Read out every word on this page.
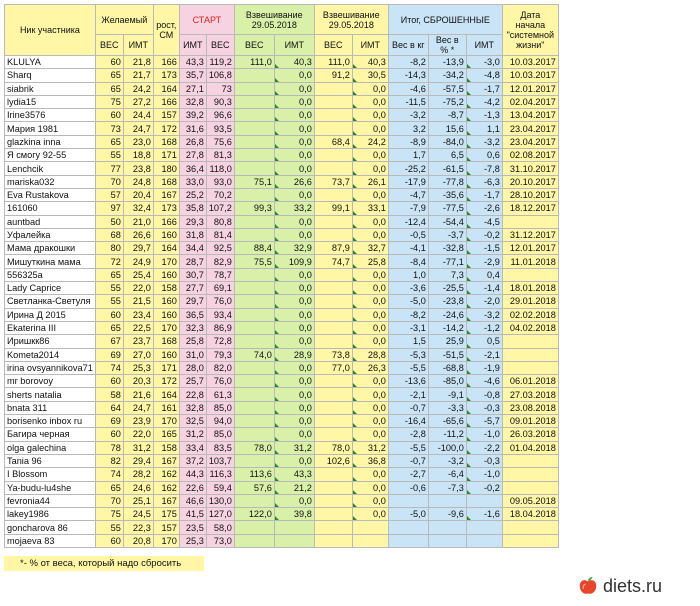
Ник участника	Желаемый		рост, СМ	СТАРТ		Взвешивание 29.05.2018		Взвешивание 29.05.2018		Итог, СБРОШЕННЫЕ			Дата начала "системной жизни"
	ВЕС	ИМТ		ИМТ	ВЕС	ВЕС	ИМТ	ВЕС	ИМТ	Вес в кг	Вес в % *	ИМТ	
KLULYA	60	21,8	166	43,3	119,2	111,0	40,3	111,0	40,3	-8,2	-13,9	-3,0	10.03.2017
Sharq	65	21,7	173	35,7	106,8		0,0	91,2	30,5	-14,3	-34,2	-4,8	10.03.2017
siabrik	65	24,2	164	27,1	73		0,0		0,0	-4,6	-57,5	-1,7	12.01.2017
lydia15	75	27,2	166	32,8	90,3		0,0		0,0	-11,5	-75,2	-4,2	02.04.2017
Irine3576	60	24,4	157	39,2	96,6		0,0		0,0	-3,2	-8,7	-1,3	13.04.2017
Мария 1981	73	24,7	172	31,6	93,5		0,0		0,0	3,2	15,6	1,1	23.04.2017
glazkina inna	65	23,0	168	26,8	75,6		0,0	68,4	24,2	-8,9	-84,0	-3,2	23.04.2017
Я смогу 92-55	55	18,8	171	27,8	81,3		0,0		0,0	1,7	6,5	0,6	02.08.2017
Lenchcik	77	23,8	180	36,4	118,0		0,0		0,0	-25,2	-61,5	-7,8	31.10.2017
mariska032	70	24,8	168	33,0	93,0	75,1	26,6	73,7	26,1	-17,9	-77,8	-6,3	20.10.2017
Eva Rustakova	57	20,4	167	25,2	70,2		0,0		0,0	-4,7	-35,6	-1,7	28.10.2017
161060	97	32,4	173	35,8	107,2	99,3	33,2	99,1	33,1	-7,9	-77,5	-2,6	18.12.2017
auntbad	50	21,0	166	29,3	80,8		0,0		0,0	-12,4	-54,4	-4,5	
Уфалейка	68	26,6	160	31,8	81,4		0,0		0,0	-0,5	-3,7	-0,2	31.12.2017
Мама дракошки	80	29,7	164	34,4	92,5	88,4	32,9	87,9	32,7	-4,1	-32,8	-1,5	12.01.2017
Мишуткина мама	72	24,9	170	28,7	82,9	75,5	109,9	74,7	25,8	-8,4	-77,1	-2,9	11.01.2018
556325a	65	25,4	160	30,7	78,7		0,0		0,0	1,0	7,3	0,4	
Lady Caprice	55	22,0	158	27,7	69,1		0,0		0,0	-3,6	-25,5	-1,4	18.01.2018
Светланка-Светуля	55	21,5	160	29,7	76,0		0,0		0,0	-5,0	-23,8	-2,0	29.01.2018
Ирина Д 2015	60	23,4	160	36,5	93,4		0,0		0,0	-8,2	-24,6	-3,2	02.02.2018
Ekaterina III	65	22,5	170	32,3	86,9		0,0		0,0	-3,1	-14,2	-1,2	04.02.2018
Иришкк86	67	23,7	168	25,8	72,8		0,0		0,0	1,5	25,9	0,5	
Kometa2014	69	27,0	160	31,0	79,3	74,0	28,9	73,8	28,8	-5,3	-51,5	-2,1	
irina ovsyannikova71	74	25,3	171	28,0	82,0		0,0	77,0	26,3	-5,5	-68,8	-1,9	
mr borovoy	60	20,3	172	25,7	76,0		0,0		0,0	-13,6	-85,0	-4,6	06.01.2018
sherts natalia	58	21,6	164	22,8	61,3		0,0		0,0	-2,1	-9,1	-0,8	27.03.2018
bnata 311	64	24,7	161	32,8	85,0		0,0		0,0	-0,7	-3,3	-0,3	23.08.2018
borisenko inbox ru	69	23,9	170	32,5	94,0		0,0		0,0	-16,4	-65,6	-5,7	09.01.2018
Багира черная	60	22,0	165	31,2	85,0		0,0		0,0	-2,8	-11,2	-1,0	26.03.2018
olga galechina	78	31,2	158	33,4	83,5	78,0	31,2	78,0	31,2	-5,5	-100,0	-2,2	01.04.2018
Tania 96	82	29,4	167	37,2	103,7		0,0	102,6	36,8	-0,7	-3,2	-0,3	
I Blossom	74	28,2	162	44,3	116,3	113,6	43,3		0,0	-2,7	-6,4	-1,0	
Ya-budu-lu4she	65	24,6	162	22,6	59,4	57,6	21,2		0,0	-0,6	-7,3	-0,2	
fevronia44	70	25,1	167	46,6	130,0		0,0		0,0				09.05.2018
lakey1986	75	24,5	175	41,5	127,0	122,0	39,8		0,0	-5,0	-9,6	-1,6	18.04.2018
goncharova 86	55	22,3	157	23,5	58,0								
mojaeva 83	60	20,8	170	25,3	73,0								
*- % от веса, который надо сбросить
diets.ru
